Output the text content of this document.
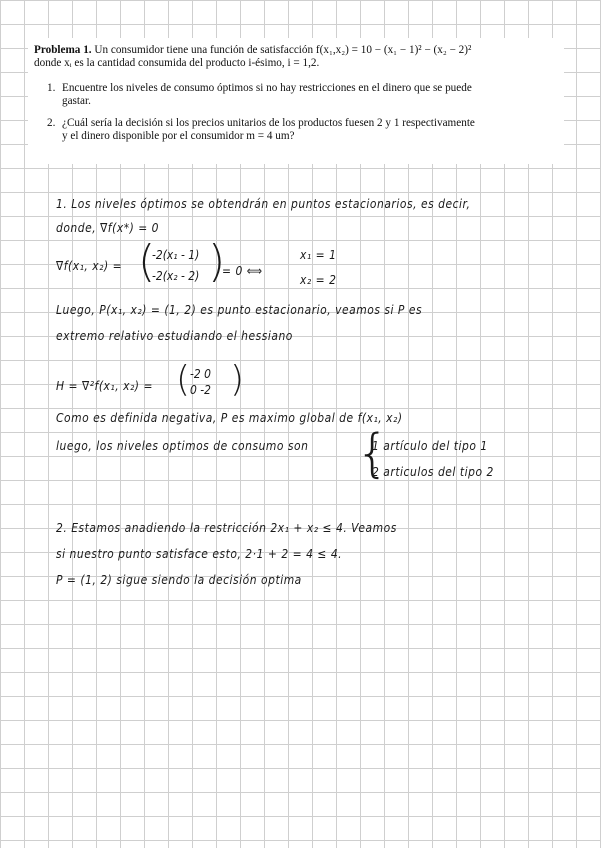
Problema 1. Un consumidor tiene una función de satisfacción f(x₁,x₂) = 10 − (x₁ − 1)² − (x₂ − 2)²

donde xᵢ es la cantidad consumida del producto i-ésimo, i = 1,2.

1. Encuentre los niveles de consumo óptimos si no hay restricciones en el dinero que se puede
gastar.
2. ¿Cuál sería la decisión si los precios unitarios de los productos fuesen 2 y 1 respectivamente
y el dinero disponible por el consumidor m = 4 um?
1. Los niveles óptimos se obtendrán en puntos estacionarios, es decir,
donde, ∇f(x*) = 0
∇f(x₁, x₂) = (
-2(x₁ - 1)
-2(x₂ - 2) )
= 0 ⟺
x₁ = 1
x₂ = 2
Luego, P(x₁, x₂) = (1, 2) es punto estacionario, veamos si P es
extremo relativo estudiando el hessiano
H = ∇²f(x₁, x₂) = ( -2 0
0 -2 )
Como es definida negativa, P es maximo global de f(x₁, x₂)
luego, los niveles optimos de consumo son {
1 artículo del tipo 1
2 articulos del tipo 2
2. Estamos anadiendo la restricción 2x₁ + x₂ ≤ 4. Veamos
si nuestro punto satisface esto, 2·1 + 2 = 4 ≤ 4.
P = (1, 2) sigue siendo la decisión optima
